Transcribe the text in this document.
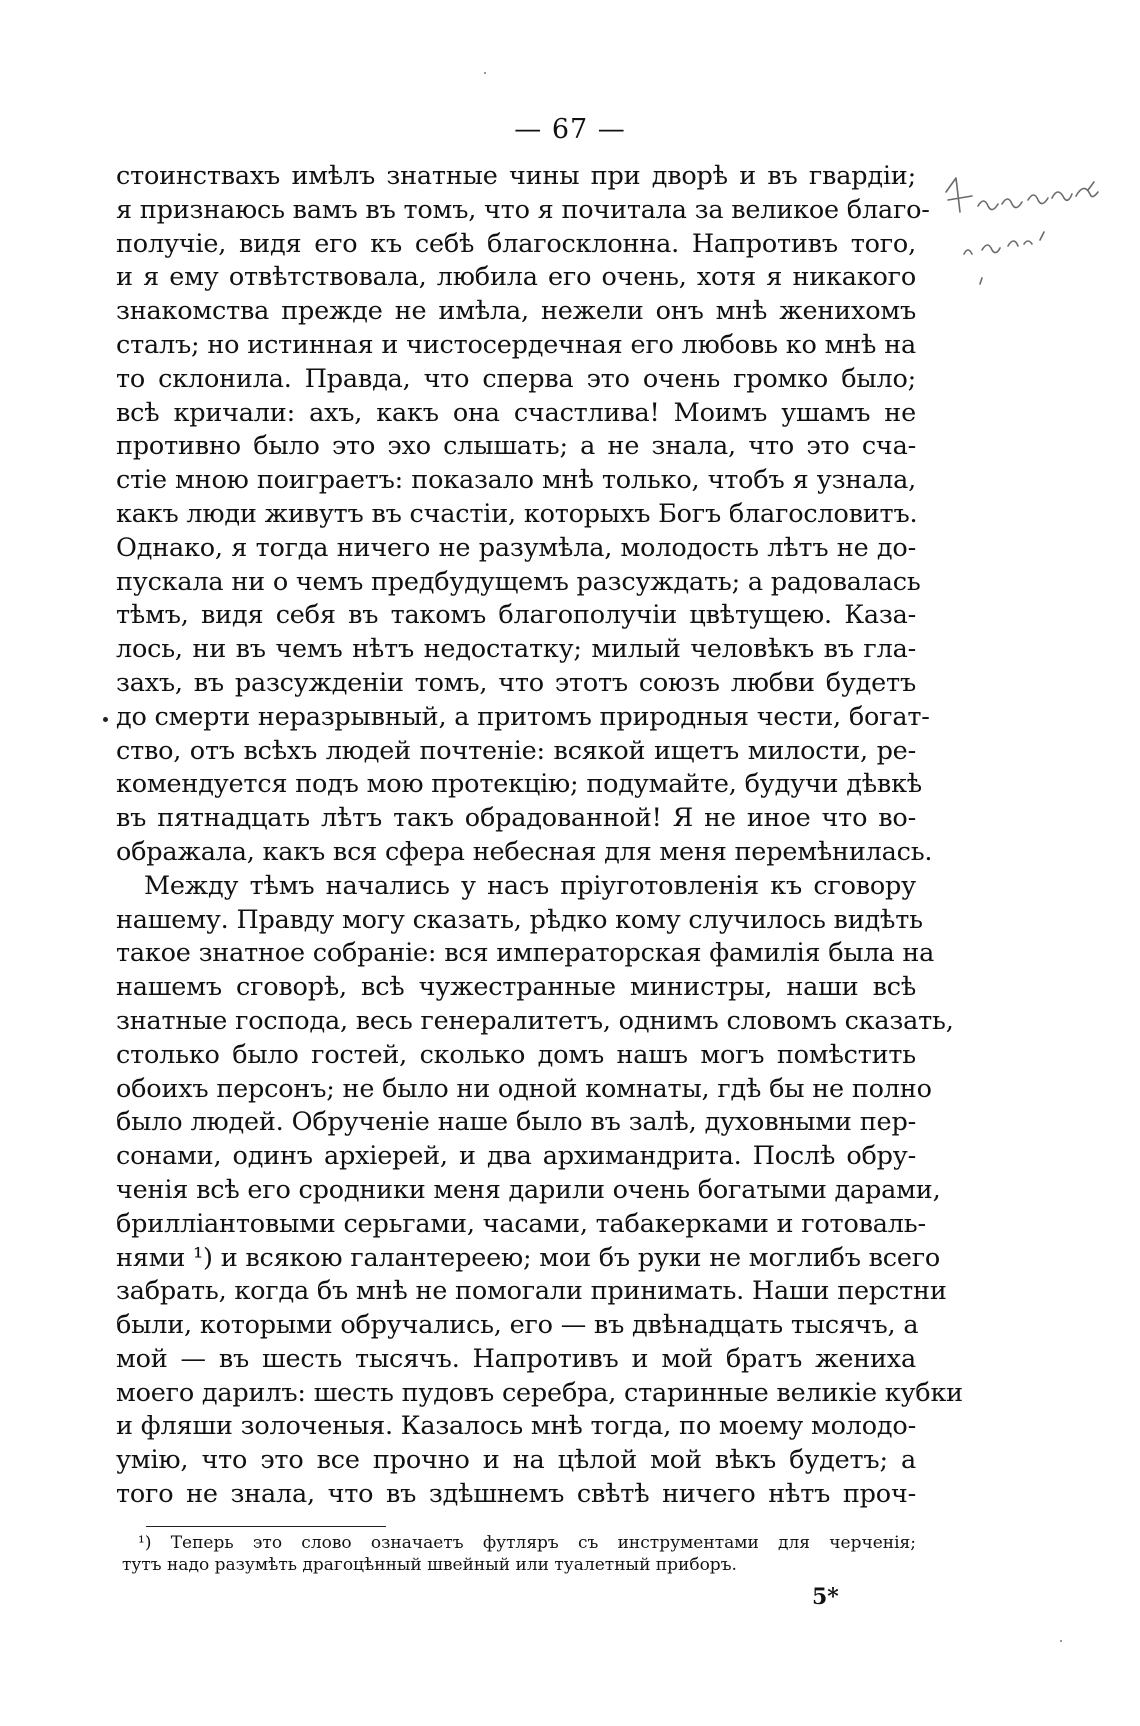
— 67 —
стоинствахъ имѣлъ знатные чины при дворѣ и въ гвардіи;
я признаюсь вамъ въ томъ, что я почитала за великое благо-
получіе, видя его къ себѣ благосклонна. Напротивъ того,
и я ему отвѣтствовала, любила его очень, хотя я никакого
знакомства прежде не имѣла, нежели онъ мнѣ женихомъ
сталъ; но истинная и чистосердечная его любовь ко мнѣ на
то склонила. Правда, что сперва это очень громко было;
всѣ кричали: ахъ, какъ она счастлива! Моимъ ушамъ не
противно было это эхо слышать; а не знала, что это сча-
стіе мною поиграетъ: показало мнѣ только, чтобъ я узнала,
какъ люди живутъ въ счастіи, которыхъ Богъ благословитъ.
Однако, я тогда ничего не разумѣла, молодость лѣтъ не до-
пускала ни о чемъ предбудущемъ разсуждать; а радовалась
тѣмъ, видя себя въ такомъ благополучіи цвѣтущею. Каза-
лось, ни въ чемъ нѣтъ недостатку; милый человѣкъ въ гла-
захъ, въ разсужденіи томъ, что этотъ союзъ любви будетъ
до смерти неразрывный, а притомъ природныя чести, богат-
ство, отъ всѣхъ людей почтеніе: всякой ищетъ милости, ре-
комендуется подъ мою протекцію; подумайте, будучи дѣвкѣ
въ пятнадцать лѣтъ такъ обрадованной! Я не иное что во-
ображала, какъ вся сфера небесная для меня перемѣнилась.
Между тѣмъ начались у насъ пріуготовленія къ сговору
нашему. Правду могу сказать, рѣдко кому случилось видѣть
такое знатное собраніе: вся императорская фамилія была на
нашемъ сговорѣ, всѣ чужестранные министры, наши всѣ
знатные господа, весь генералитетъ, однимъ словомъ сказать,
столько было гостей, сколько домъ нашъ могъ помѣстить
обоихъ персонъ; не было ни одной комнаты, гдѣ бы не полно
было людей. Обрученіе наше было въ залѣ, духовными пер-
сонами, одинъ архіерей, и два архимандрита. Послѣ обру-
ченія всѣ его сродники меня дарили очень богатыми дарами,
брилліантовыми серьгами, часами, табакерками и готоваль-
нями ¹) и всякою галантереею; мои бъ руки не моглибъ всего
забрать, когда бъ мнѣ не помогали принимать. Наши перстни
были, которыми обручались, его — въ двѣнадцать тысячъ, а
мой — въ шесть тысячъ. Напротивъ и мой братъ жениха
моего дарилъ: шесть пудовъ серебра, старинные великіе кубки
и фляши золоченыя. Казалось мнѣ тогда, по моему молодо-
умію, что это все прочно и на цѣлой мой вѣкъ будетъ; а
того не знала, что въ здѣшнемъ свѣтѣ ничего нѣтъ проч-
¹) Теперь это слово означаетъ футляръ съ инструментами для черченія;
тутъ надо разумѣть драгоцѣнный швейный или туалетный приборъ.
5*
